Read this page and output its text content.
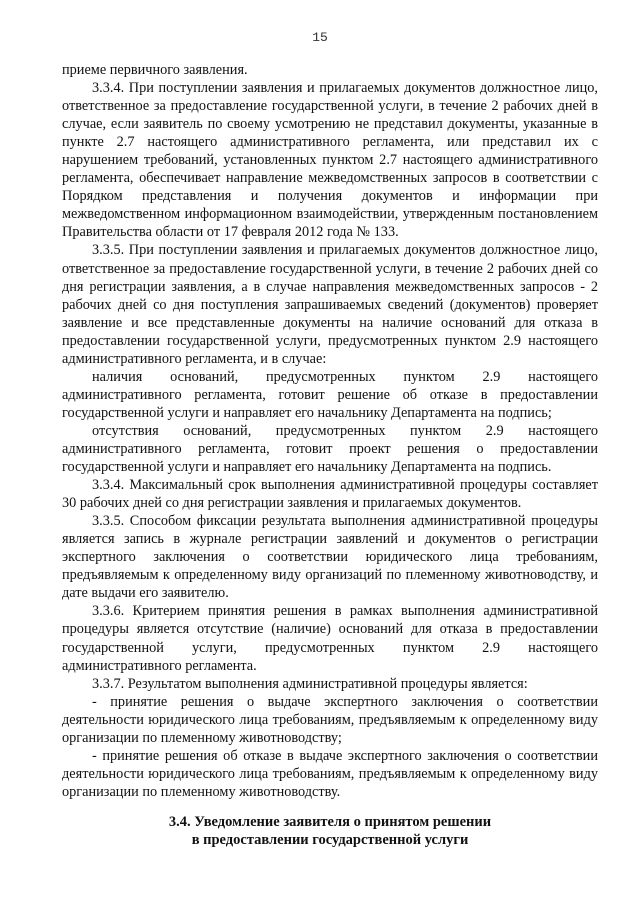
15

приеме первичного заявления.

3.3.4. При поступлении заявления и прилагаемых документов должностное лицо, ответственное за предоставление государственной услуги, в течение 2 рабочих дней в случае, если заявитель по своему усмотрению не представил документы, указанные в пункте 2.7 настоящего административного регламента, или представил их с нарушением требований, установленных пунктом 2.7 настоящего административного регламента, обеспечивает направление межведомственных запросов в соответствии с Порядком представления и получения документов и информации при межведомственном информационном взаимодействии, утвержденным постановлением Правительства области от 17 февраля 2012 года № 133.

3.3.5. При поступлении заявления и прилагаемых документов должностное лицо, ответственное за предоставление государственной услуги, в течение 2 рабочих дней со дня регистрации заявления, а в случае направления межведомственных запросов - 2 рабочих дней со дня поступления запрашиваемых сведений (документов) проверяет заявление и все представленные документы на наличие оснований для отказа в предоставлении государственной услуги, предусмотренных пунктом 2.9 настоящего административного регламента, и в случае:

наличия оснований, предусмотренных пунктом 2.9 настоящего административного регламента, готовит решение об отказе в предоставлении государственной услуги и направляет его начальнику Департамента на подпись;

отсутствия оснований, предусмотренных пунктом 2.9 настоящего административного регламента, готовит проект решения о предоставлении государственной услуги и направляет его начальнику Департамента на подпись.

3.3.4. Максимальный срок выполнения административной процедуры составляет 30 рабочих дней со дня регистрации заявления и прилагаемых документов.

3.3.5. Способом фиксации результата выполнения административной процедуры является запись в журнале регистрации заявлений и документов о регистрации экспертного заключения о соответствии юридического лица требованиям, предъявляемым к определенному виду организаций по племенному животноводству, и дате выдачи его заявителю.

3.3.6. Критерием принятия решения в рамках выполнения административной процедуры является отсутствие (наличие) оснований для отказа в предоставлении государственной услуги, предусмотренных пунктом 2.9 настоящего административного регламента.

3.3.7. Результатом выполнения административной процедуры является:

- принятие решения о выдаче экспертного заключения о соответствии деятельности юридического лица требованиям, предъявляемым к определенному виду организации по племенному животноводству;

- принятие решения об отказе в выдаче экспертного заключения о соответствии деятельности юридического лица требованиям, предъявляемым к определенному виду организации по племенному животноводству.

3.4. Уведомление заявителя о принятом решении
в предоставлении государственной услуги
